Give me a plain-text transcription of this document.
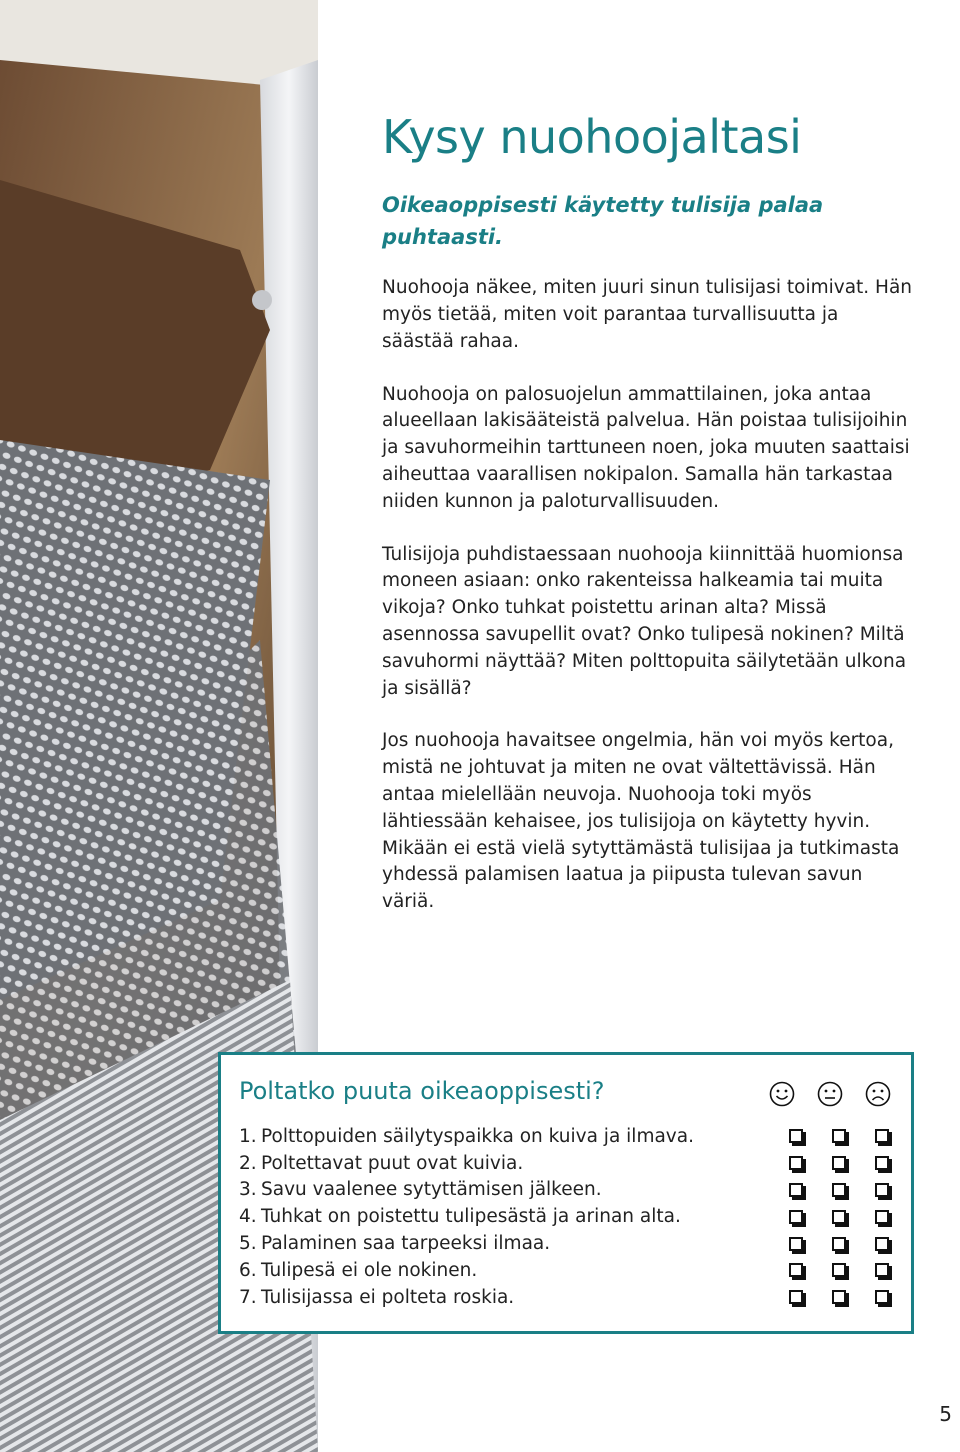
Kysy nuohoojaltasi

Oikeaoppisesti käytetty tulisija palaa puhtaasti.

Nuohooja näkee, miten juuri sinun tulisijasi toimivat. Hän myös tietää, miten voit parantaa turvallisuutta ja säästää rahaa.

Nuohooja on palosuojelun ammattilainen, joka antaa alueellaan lakisääteistä palvelua. Hän poistaa tulisijoihin ja savuhormeihin tarttuneen noen, joka muuten saattaisi aiheuttaa vaarallisen nokipalon. Samalla hän tarkastaa niiden kunnon ja paloturvallisuuden.

Tulisijoja puhdistaessaan nuohooja kiinnittää huomionsa moneen asiaan: onko rakenteissa halkeamia tai muita vikoja? Onko tuhkat poistettu arinan alta? Missä asennossa savupellit ovat? Onko tulipesä nokinen? Miltä savuhormi näyttää? Miten polttopuita säilytetään ulkona ja sisällä?

Jos nuohooja havaitsee ongelmia, hän voi myös kertoa, mistä ne johtuvat ja miten ne ovat vältettävissä. Hän antaa mielellään neuvoja. Nuohooja toki myös lähtiessään kehaisee, jos tulisijoja on käytetty hyvin. Mikään ei estä vielä sytyttämästä tulisijaa ja tutkimasta yhdessä palamisen laatua ja piipusta tulevan savun väriä.

Poltatko puuta oikeaoppisesti?
1. Polttopuiden säilytyspaikka on kuiva ja ilmava.
2. Poltettavat puut ovat kuivia.
3. Savu vaalenee sytyttämisen jälkeen.
4. Tuhkat on poistettu tulipesästä ja arinan alta.
5. Palaminen saa tarpeeksi ilmaa.
6. Tulipesä ei ole nokinen.
7. Tulisijassa ei polteta roskia.
5
